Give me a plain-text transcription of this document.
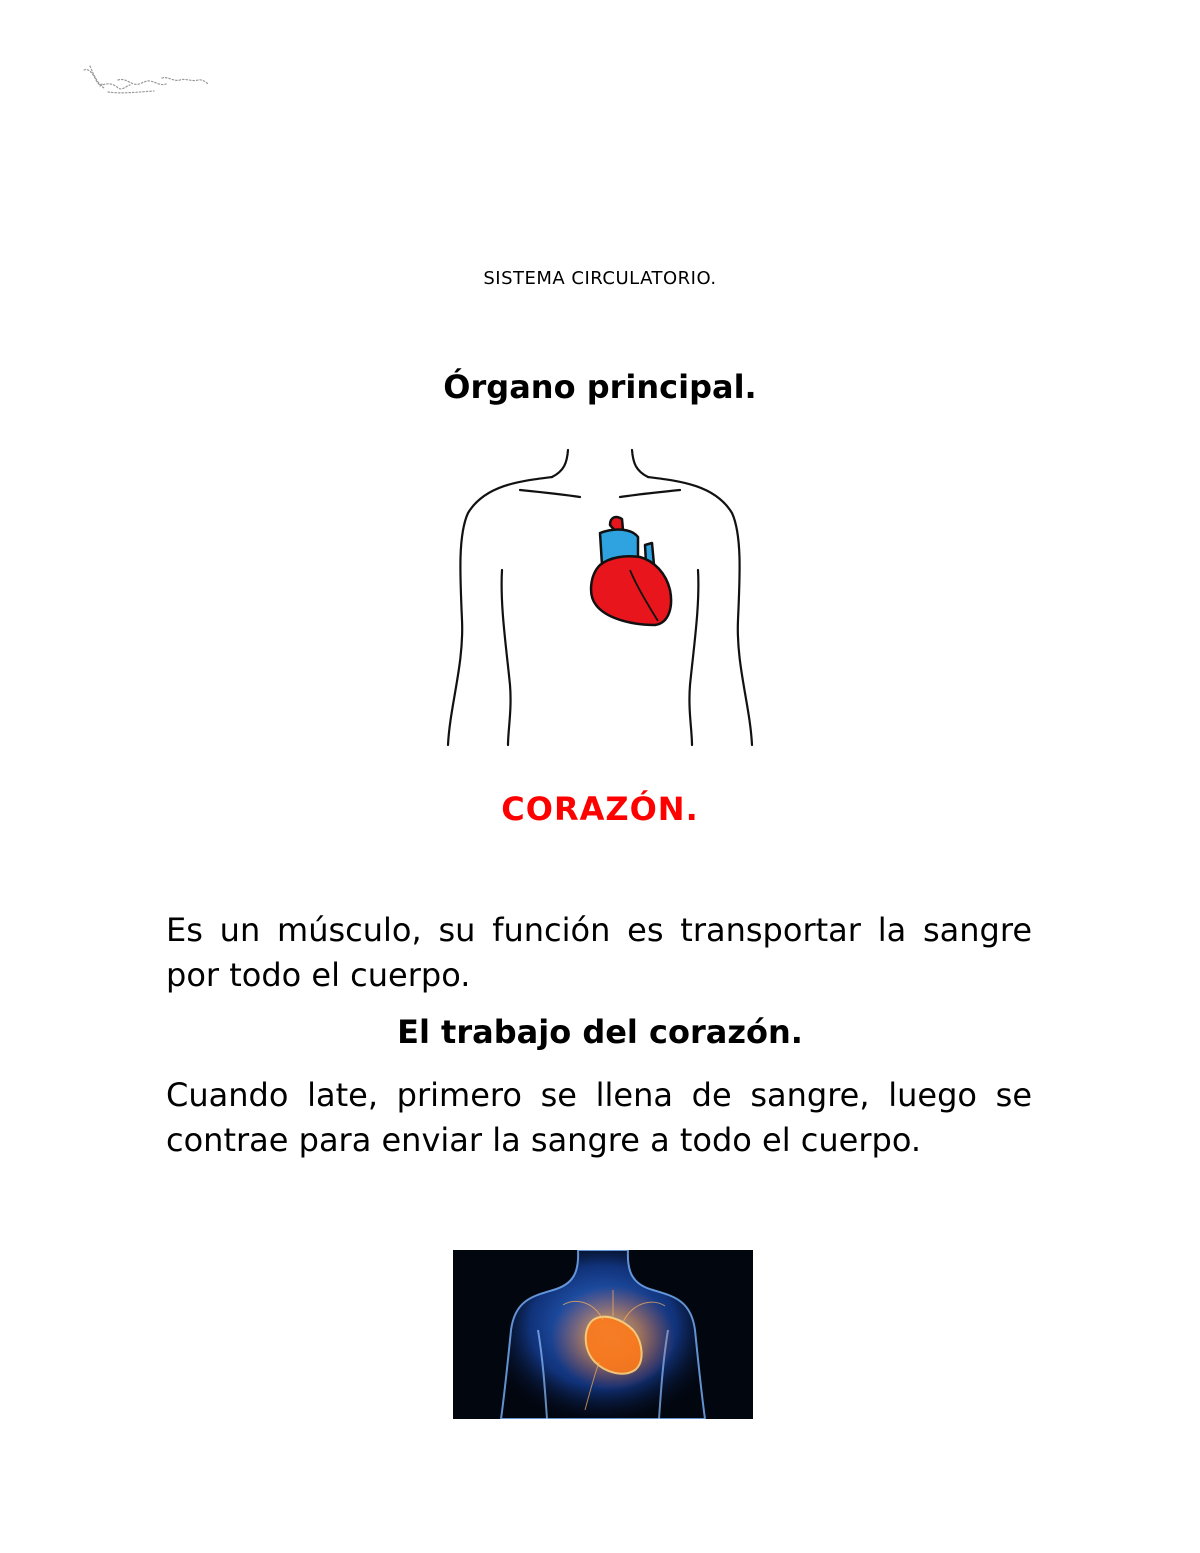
SISTEMA CIRCULATORIO.
Órgano principal.
CORAZÓN.

Es un músculo, su función es transportar la sangre por todo el cuerpo.

El trabajo del corazón.

Cuando late, primero se llena de sangre, luego se contrae para enviar la sangre a todo el cuerpo.
